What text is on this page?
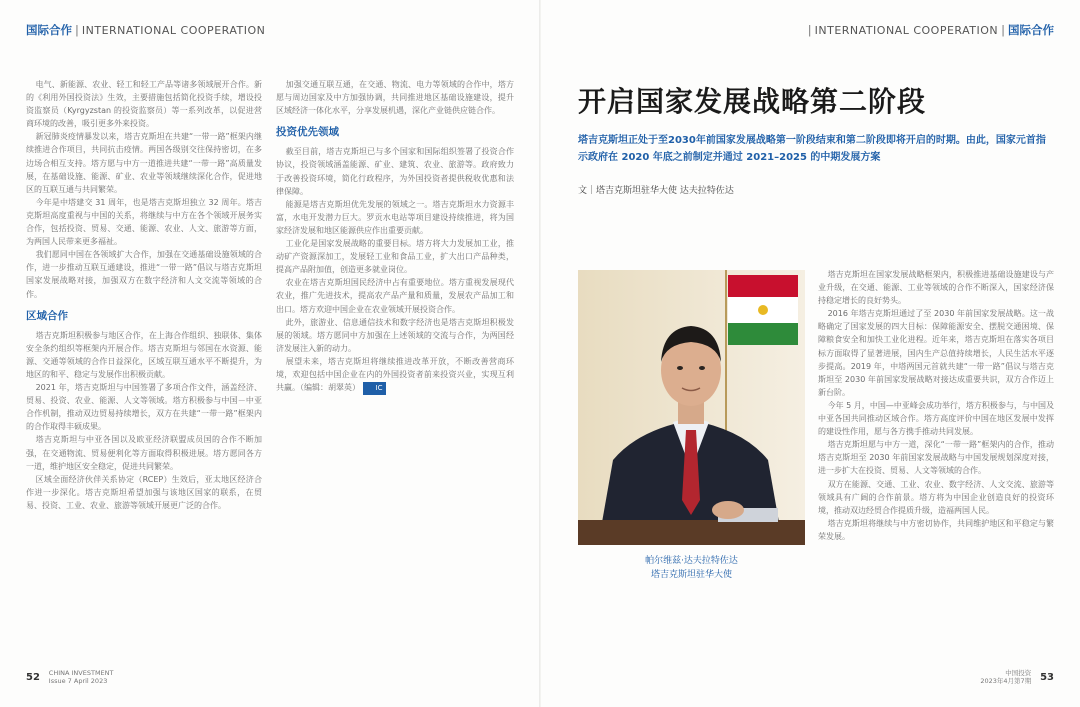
国际合作 | INTERNATIONAL COOPERATION	| INTERNATIONAL COOPERATION | 国际合作

电气、新能源、农业、轻工和轻工产品等诸多领域展开合作。新的《利用外国投资法》生效，主要措施包括简化投资手续，增设投资监察员（Kyrgyzstan 的投资监察员）等一系列改革，以促进营商环境的改善，吸引更多外来投资。

新冠肺炎疫情暴发以来，塔吉克斯坦在共建“一带一路”框架内继续推进合作项目，共同抗击疫情。两国各级别交往保持密切，在多边场合相互支持。塔方愿与中方一道推进共建“一带一路”高质量发展，在基础设施、能源、矿业、农业等领域继续深化合作，促进地区的互联互通与共同繁荣。

今年是中塔建交 31 周年，也是塔吉克斯坦独立 32 周年。塔吉克斯坦高度重视与中国的关系，将继续与中方在各个领域开展务实合作，包括投资、贸易、交通、能源、农业、人文、旅游等方面，为两国人民带来更多福祉。

我们愿同中国在各领域扩大合作，加强在交通基础设施领域的合作，进一步推动互联互通建设，推进“一带一路”倡议与塔吉克斯坦国家发展战略对接，加强双方在数字经济和人文交流等领域的合作。

区域合作

塔吉克斯坦积极参与地区合作，在上海合作组织、独联体、集体安全条约组织等框架内开展合作。塔吉克斯坦与邻国在水资源、能源、交通等领域的合作日益深化，区域互联互通水平不断提升，为地区的和平、稳定与发展作出积极贡献。

2021 年，塔吉克斯坦与中国签署了多项合作文件，涵盖经济、贸易、投资、农业、能源、人文等领域。塔方积极参与中国－中亚合作机制，推动双边贸易持续增长，双方在共建“一带一路”框架内的合作取得丰硕成果。

塔吉克斯坦与中亚各国以及欧亚经济联盟成员国的合作不断加强，在交通物流、贸易便利化等方面取得积极进展。塔方愿同各方一道，维护地区安全稳定，促进共同繁荣。

区域全面经济伙伴关系协定（RCEP）生效后，亚太地区经济合作进一步深化。塔吉克斯坦希望加强与该地区国家的联系，在贸易、投资、工业、农业、旅游等领域开展更广泛的合作。

加强交通互联互通，在交通、物流、电力等领域的合作中，塔方愿与周边国家及中方加强协调，共同推进地区基础设施建设，提升区域经济一体化水平，分享发展机遇，深化产业链供应链合作。

投资优先领域

截至目前，塔吉克斯坦已与多个国家和国际组织签署了投资合作协议，投资领域涵盖能源、矿业、建筑、农业、旅游等。政府致力于改善投资环境，简化行政程序，为外国投资者提供税收优惠和法律保障。

能源是塔吉克斯坦优先发展的领域之一。塔吉克斯坦水力资源丰富，水电开发潜力巨大。罗贡水电站等项目建设持续推进，将为国家经济发展和地区能源供应作出重要贡献。

工业化是国家发展战略的重要目标。塔方将大力发展加工业，推动矿产资源深加工，发展轻工业和食品工业，扩大出口产品种类，提高产品附加值，创造更多就业岗位。

农业在塔吉克斯坦国民经济中占有重要地位。塔方重视发展现代农业，推广先进技术，提高农产品产量和质量，发展农产品加工和出口。塔方欢迎中国企业在农业领域开展投资合作。

此外，旅游业、信息通信技术和数字经济也是塔吉克斯坦积极发展的领域。塔方愿同中方加强在上述领域的交流与合作，为两国经济发展注入新的动力。

展望未来，塔吉克斯坦将继续推进改革开放，不断改善营商环境，欢迎包括中国企业在内的外国投资者前来投资兴业，实现互利共赢。（编辑：胡翠英） IC

开启国家发展战略第二阶段
塔吉克斯坦正处于至2030年前国家发展战略第一阶段结束和第二阶段即将开启的时期。由此，国家元首指示政府在 2020 年底之前制定并通过 2021–2025 的中期发展方案
文｜塔吉克斯坦驻华大使 达夫拉特佐达
帕尔维兹·达夫拉特佐达
塔吉克斯坦驻华大使

塔吉克斯坦在国家发展战略框架内，积极推进基础设施建设与产业升级，在交通、能源、工业等领域的合作不断深入，国家经济保持稳定增长的良好势头。

2016 年塔吉克斯坦通过了至 2030 年前国家发展战略。这一战略确定了国家发展的四大目标：保障能源安全、摆脱交通困境、保障粮食安全和加快工业化进程。近年来，塔吉克斯坦在落实各项目标方面取得了显著进展，国内生产总值持续增长，人民生活水平逐步提高。2019 年，中塔两国元首就共建“一带一路”倡议与塔吉克斯坦至 2030 年前国家发展战略对接达成重要共识，双方合作迈上新台阶。

今年 5 月，中国—中亚峰会成功举行，塔方积极参与，与中国及中亚各国共同推动区域合作。塔方高度评价中国在地区发展中发挥的建设性作用，愿与各方携手推动共同发展。

塔吉克斯坦愿与中方一道，深化“一带一路”框架内的合作，推动塔吉克斯坦至 2030 年前国家发展战略与中国发展规划深度对接，进一步扩大在投资、贸易、人文等领域的合作。

双方在能源、交通、工业、农业、数字经济、人文交流、旅游等领域具有广阔的合作前景。塔方将为中国企业创造良好的投资环境，推动双边经贸合作提质升级，造福两国人民。

塔吉克斯坦将继续与中方密切协作，共同维护地区和平稳定与繁荣发展。

52 CHINA INVESTMENT
Issue 7 April 2023
中国投资
2023年4月第7期 53
